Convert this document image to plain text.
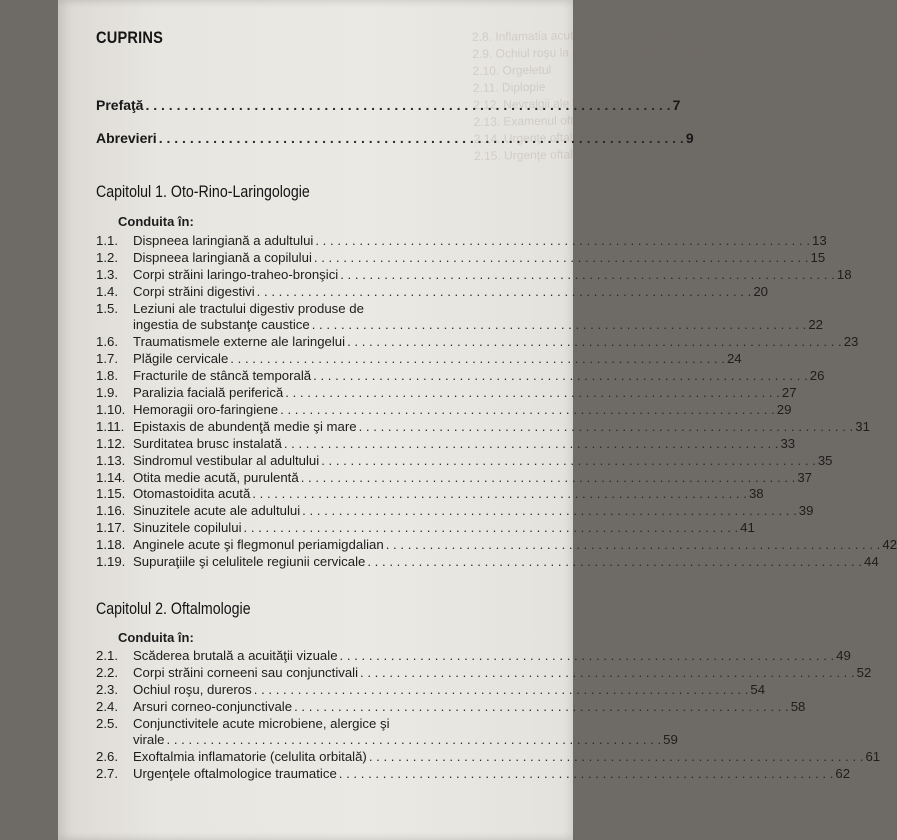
2.8. Inflamatia acută a căilor lacrimale
2.9. Ochiul roşu la purtarea de lentile de contact
2.10. Orgeletul
2.11. Diplopie
2.12. Nevralgii ale globului ocular
2.13. Examenul oftalmologic
2.14. Urgenţe oftalmologice la copil
2.15. Urgenţe oftalmologice traumatice
CUPRINS
Prefaţă . . .	7
Abrevieri . . .	9
Capitolul 1. Oto-Rino-Laringologie
Conduita în:
1.1.	Dispneea laringiană a adultului . . .	13
1.2.	Dispneea laringiană a copilului . . .	15
1.3.	Corpi străini laringo-traheo-bronşici . . .	18
1.4.	Corpi străini digestivi . . .	20
1.5.	Leziuni ale tractului digestiv produse de
ingestia de substanţe caustice . . .	22
1.6.	Traumatismele externe ale laringelui . . .	23
1.7.	Plăgile cervicale . . .	24
1.8.	Fracturile de stâncă temporală . . .	26
1.9.	Paralizia facială periferică . . .	27
1.10. Hemoragii oro-faringiene . . .	29
1.11. Epistaxis de abundenţă medie şi mare . . .	31
1.12. Surditatea brusc instalată . . .	33
1.13. Sindromul vestibular al adultului . . .	35
1.14. Otita medie acută, purulentă . . .	37
1.15. Otomastoidita acută . . .	38
1.16. Sinuzitele acute ale adultului . . .	39
1.17. Sinuzitele copilului . . .	41
1.18. Anginele acute şi flegmonul periamigdalian . . .	42
1.19. Supuraţiile şi celulitele regiunii cervicale . . .	44
Capitolul 2. Oftalmologie
Conduita în:
2.1.	Scăderea brutală a acuităţii vizuale . . .	49
2.2.	Corpi străini corneeni sau conjunctivali . . .	52
2.3.	Ochiul roşu, dureros . . .	54
2.4.	Arsuri corneo-conjunctivale . . .	58
2.5.	Conjunctivitele acute microbiene, alergice şi
virale . . .	59
2.6.	Exoftalmia inflamatorie (celulita orbitală) . . .	61
2.7.	Urgenţele oftalmologice traumatice . . .	62
